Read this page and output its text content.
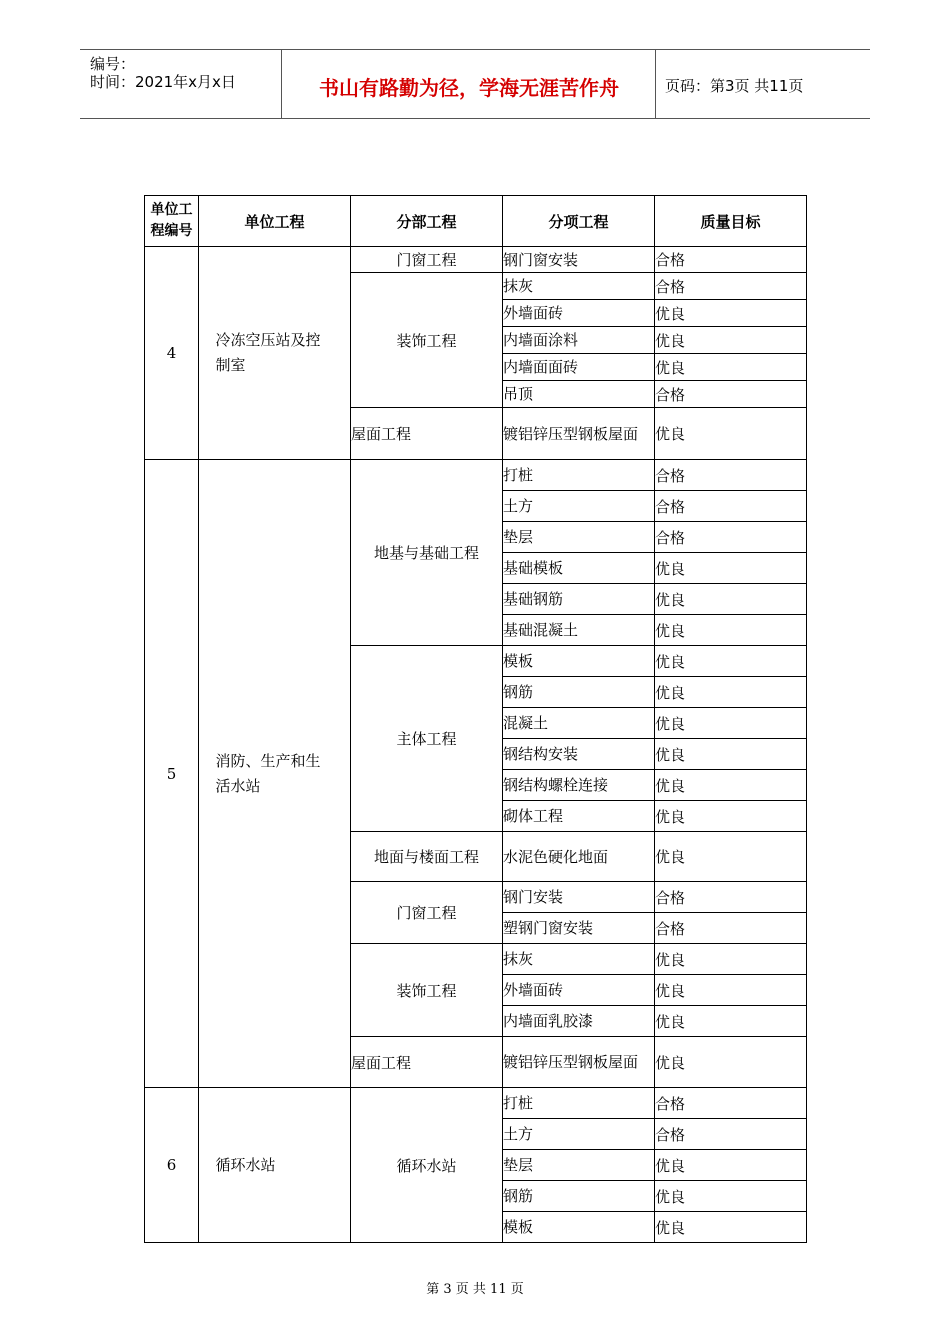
编号：
时间：2021年x月x日	书山有路勤为径，学海无涯苦作舟	页码：第3页 共11页
单位工
程编号	单位工程	分部工程	分项工程	质量目标
4	冷冻空压站及控制室	门窗工程	钢门窗安装	合格
		装饰工程	抹灰	合格
			外墙面砖	优良
			内墙面涂料	优良
			内墙面面砖	优良
			吊顶	合格
		屋面工程	镀铝锌压型钢板屋面	优良
5	消防、生产和生活水站	地基与基础工程	打桩	合格
			土方	合格
			垫层	合格
			基础模板	优良
			基础钢筋	优良
			基础混凝土	优良
		主体工程	模板	优良
			钢筋	优良
			混凝土	优良
			钢结构安装	优良
			钢结构螺栓连接	优良
			砌体工程	优良
		地面与楼面工程	水泥色硬化地面	优良
		门窗工程	钢门安装	合格
			塑钢门窗安装	合格
		装饰工程	抹灰	优良
			外墙面砖	优良
			内墙面乳胶漆	优良
		屋面工程	镀铝锌压型钢板屋面	优良
6	循环水站	循环水站	打桩	合格
			土方	合格
			垫层	优良
			钢筋	优良
			模板	优良
第 3 页 共 11 页
